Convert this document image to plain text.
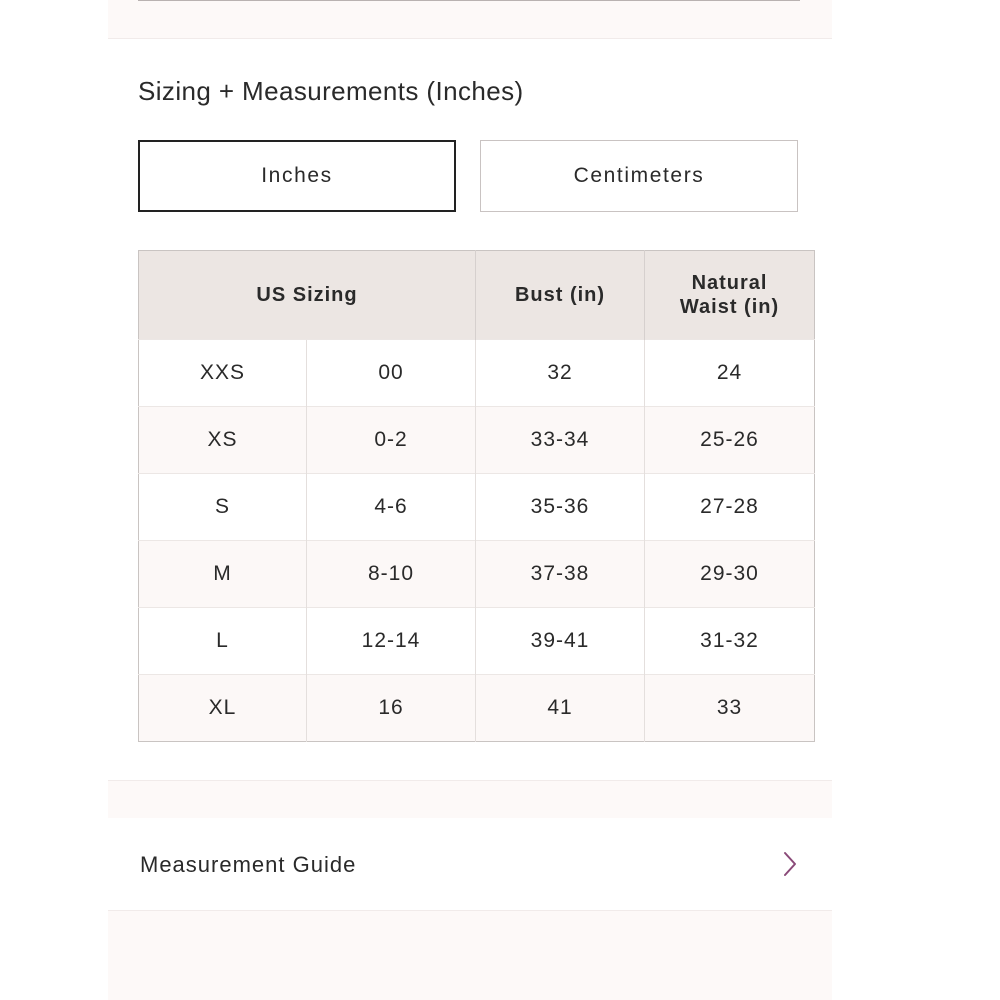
Sizing + Measurements (Inches)
Inches	Centimeters
US Sizing		Bust (in)	Natural
Waist (in)

XXS	00	32	24
XS	0-2	33-34	25-26
S	4-6	35-36	27-28
M	8-10	37-38	29-30
L	12-14	39-41	31-32
XL	16	41	33
Measurement Guide
